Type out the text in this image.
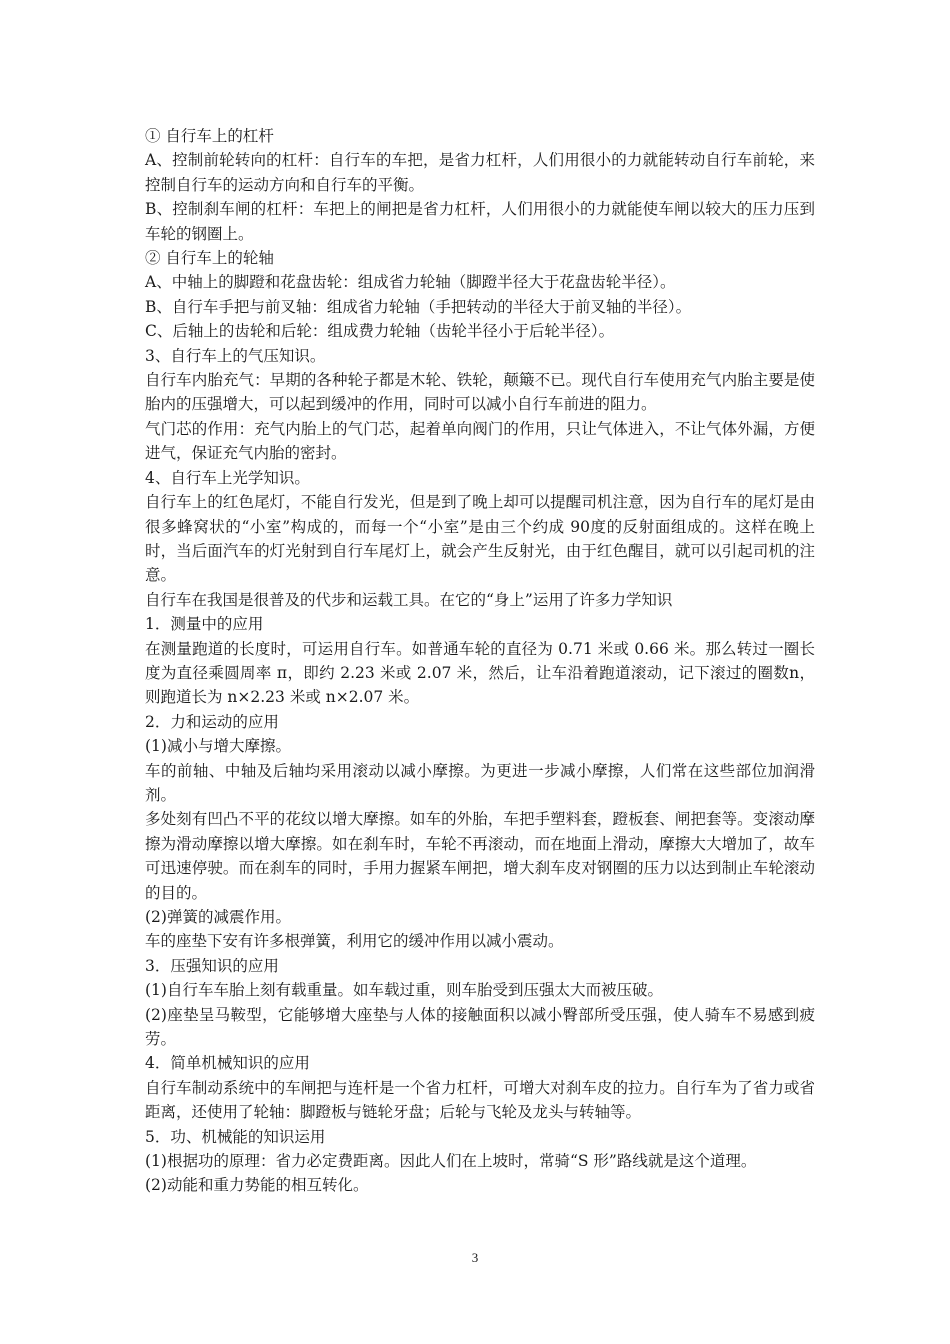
① 自行车上的杠杆

A、控制前轮转向的杠杆：自行车的车把，是省力杠杆，人们用很小的力就能转动自行车前轮，来控制自行车的运动方向和自行车的平衡。

B、控制刹车闸的杠杆：车把上的闸把是省力杠杆，人们用很小的力就能使车闸以较大的压力压到车轮的钢圈上。

② 自行车上的轮轴

A、中轴上的脚蹬和花盘齿轮：组成省力轮轴（脚蹬半径大于花盘齿轮半径）。

B、自行车手把与前叉轴：组成省力轮轴（手把转动的半径大于前叉轴的半径）。

C、后轴上的齿轮和后轮：组成费力轮轴（齿轮半径小于后轮半径）。

3、自行车上的气压知识。

自行车内胎充气：早期的各种轮子都是木轮、铁轮，颠簸不已。现代自行车使用充气内胎主要是使胎内的压强增大，可以起到缓冲的作用，同时可以减小自行车前进的阻力。

气门芯的作用：充气内胎上的气门芯，起着单向阀门的作用，只让气体进入，不让气体外漏，方便进气，保证充气内胎的密封。

4、自行车上光学知识。

自行车上的红色尾灯，不能自行发光，但是到了晚上却可以提醒司机注意，因为自行车的尾灯是由很多蜂窝状的“小室”构成的，而每一个“小室”是由三个约成 90度的反射面组成的。这样在晚上时，当后面汽车的灯光射到自行车尾灯上，就会产生反射光，由于红色醒目，就可以引起司机的注意。

自行车在我国是很普及的代步和运载工具。在它的“身上”运用了许多力学知识

1．测量中的应用

在测量跑道的长度时，可运用自行车。如普通车轮的直径为 0.71 米或 0.66 米。那么转过一圈长度为直径乘圆周率 π，即约 2.23 米或 2.07 米，然后，让车沿着跑道滚动，记下滚过的圈数n，则跑道长为 n×2.23 米或 n×2.07 米。

2．力和运动的应用

(1)减小与增大摩擦。

车的前轴、中轴及后轴均采用滚动以减小摩擦。为更进一步减小摩擦，人们常在这些部位加润滑剂。

多处刻有凹凸不平的花纹以增大摩擦。如车的外胎，车把手塑料套，蹬板套、闸把套等。变滚动摩擦为滑动摩擦以增大摩擦。如在刹车时，车轮不再滚动，而在地面上滑动，摩擦大大增加了，故车可迅速停驶。而在刹车的同时，手用力握紧车闸把，增大刹车皮对钢圈的压力以达到制止车轮滚动的目的。

(2)弹簧的减震作用。

车的座垫下安有许多根弹簧，利用它的缓冲作用以减小震动。

3．压强知识的应用

(1)自行车车胎上刻有载重量。如车载过重，则车胎受到压强太大而被压破。

(2)座垫呈马鞍型，它能够增大座垫与人体的接触面积以减小臀部所受压强，使人骑车不易感到疲劳。

4．简单机械知识的应用

自行车制动系统中的车闸把与连杆是一个省力杠杆，可增大对刹车皮的拉力。自行车为了省力或省距离，还使用了轮轴：脚蹬板与链轮牙盘；后轮与飞轮及龙头与转轴等。

5．功、机械能的知识运用

(1)根据功的原理：省力必定费距离。因此人们在上坡时，常骑“S 形”路线就是这个道理。

(2)动能和重力势能的相互转化。

3
